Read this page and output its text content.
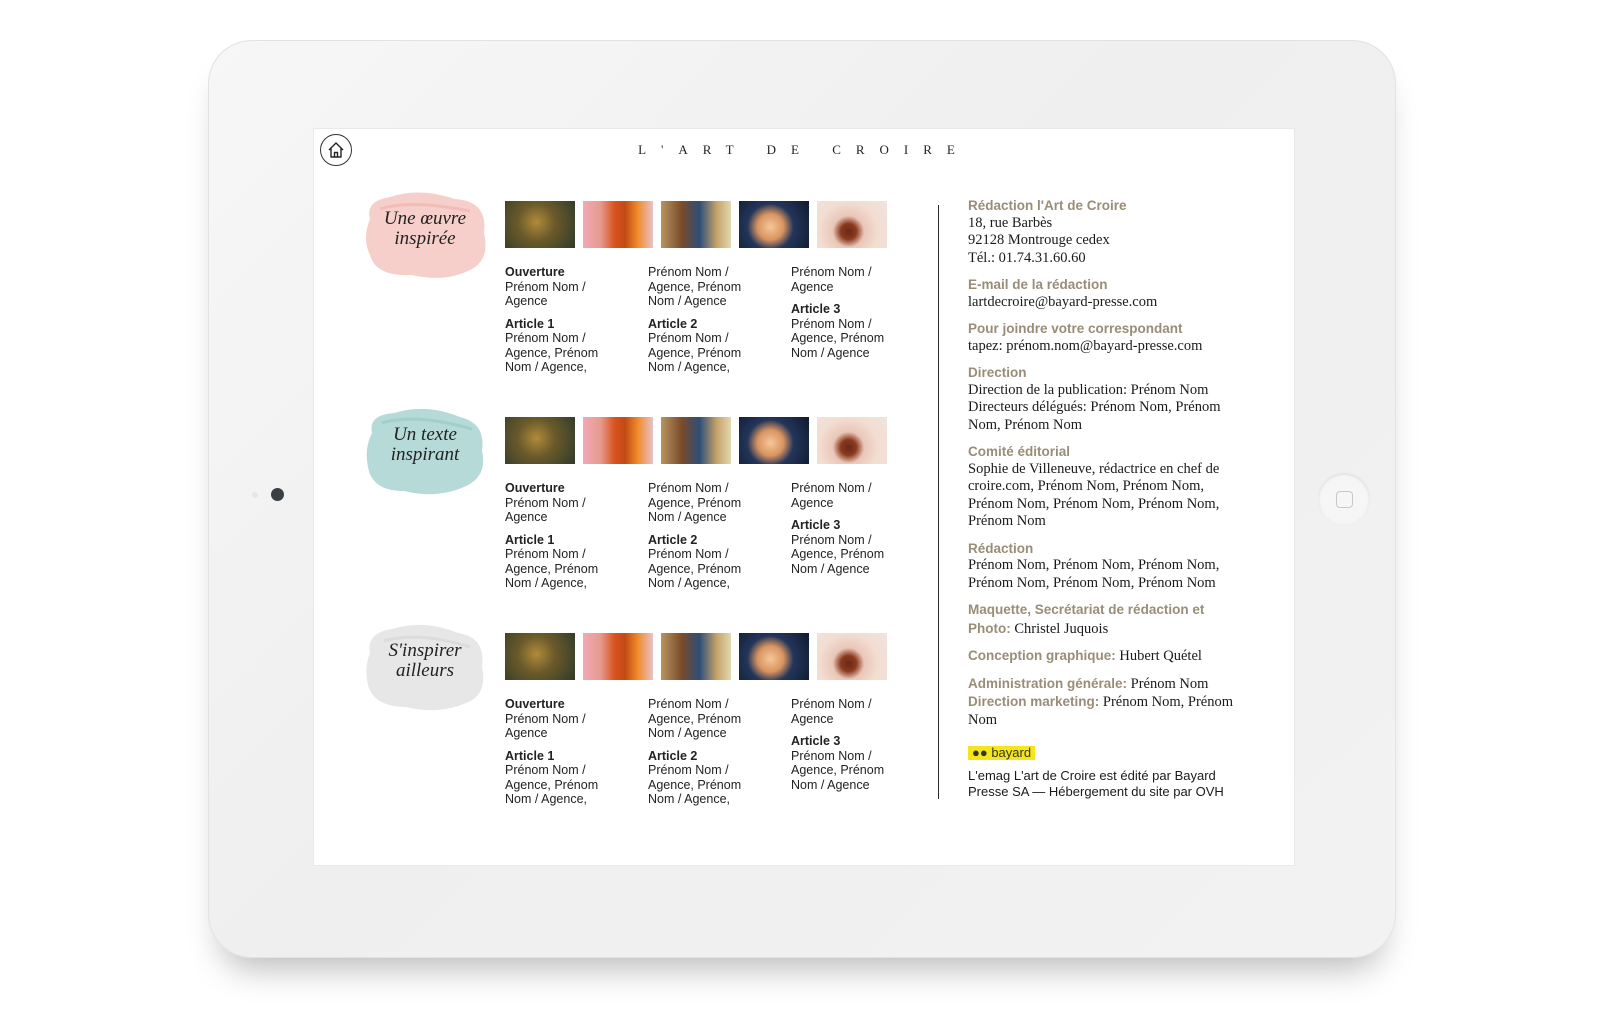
L'ART DE CROIRE
Une œuvre inspirée
Ouverture
Prénom Nom / Agence
Article 1
Prénom Nom / Agence, Prénom Nom / Agence,
Prénom Nom / Agence, Prénom Nom / Agence
Article 2
Prénom Nom / Agence, Prénom Nom / Agence,
Prénom Nom / Agence
Article 3
Prénom Nom / Agence, Prénom Nom / Agence
Un texte inspirant
Ouverture
Prénom Nom / Agence
Article 1
Prénom Nom / Agence, Prénom Nom / Agence,
Prénom Nom / Agence, Prénom Nom / Agence
Article 2
Prénom Nom / Agence, Prénom Nom / Agence,
Prénom Nom / Agence
Article 3
Prénom Nom / Agence, Prénom Nom / Agence
S'inspirer ailleurs
Ouverture
Prénom Nom / Agence
Article 1
Prénom Nom / Agence, Prénom Nom / Agence,
Prénom Nom / Agence, Prénom Nom / Agence
Article 2
Prénom Nom / Agence, Prénom Nom / Agence,
Prénom Nom / Agence
Article 3
Prénom Nom / Agence, Prénom Nom / Agence
Rédaction l'Art de Croire
18, rue Barbès
92128 Montrouge cedex
Tél.: 01.74.31.60.60
E-mail de la rédaction
lartdecroire@bayard-presse.com
Pour joindre votre correspondant
tapez: prénom.nom@bayard-presse.com
Direction
Direction de la publication: Prénom Nom
Directeurs délégués: Prénom Nom, Prénom Nom, Prénom Nom
Comité éditorial
Sophie de Villeneuve, rédactrice en chef de croire.com, Prénom Nom, Prénom Nom, Prénom Nom, Prénom Nom, Prénom Nom, Prénom Nom
Rédaction
Prénom Nom, Prénom Nom, Prénom Nom, Prénom Nom, Prénom Nom, Prénom Nom
Maquette, Secrétariat de rédaction et Photo: Christel Juquois
Conception graphique: Hubert Quétel
Administration générale: Prénom Nom
Direction marketing: Prénom Nom, Prénom Nom
●● bayard
L'emag L'art de Croire est édité par Bayard Presse SA — Hébergement du site par OVH
